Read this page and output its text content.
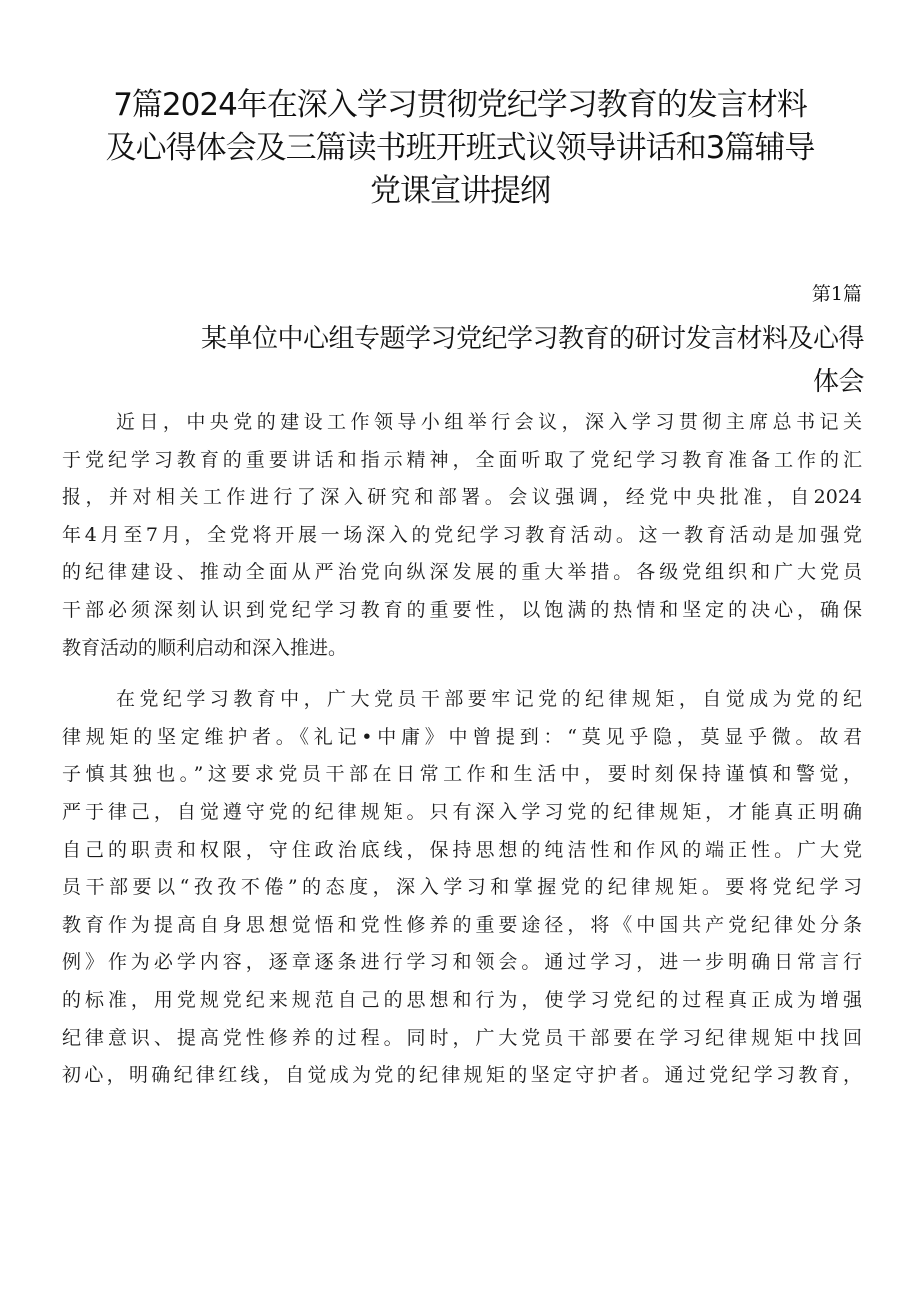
7篇2024年在深入学习贯彻党纪学习教育的发言材料
及心得体会及三篇读书班开班式议领导讲话和3篇辅导
党课宣讲提纲
第1篇
某单位中心组专题学习党纪学习教育的研讨发言材料及心得
体会

近日，中央党的建设工作领导小组举行会议，深入学习贯彻主席总书记关
于党纪学习教育的重要讲话和指示精神，全面听取了党纪学习教育准备工作的汇
报，并对相关工作进行了深入研究和部署。会议强调，经党中央批准，自2024
年4月至7月，全党将开展一场深入的党纪学习教育活动。这一教育活动是加强党
的纪律建设、推动全面从严治党向纵深发展的重大举措。各级党组织和广大党员
干部必须深刻认识到党纪学习教育的重要性，以饱满的热情和坚定的决心，确保
教育活动的顺利启动和深入推进。

在党纪学习教育中，广大党员干部要牢记党的纪律规矩，自觉成为党的纪
律规矩的坚定维护者。《礼记•中庸》中曾提到：“莫见乎隐，莫显乎微。故君
子慎其独也。”这要求党员干部在日常工作和生活中，要时刻保持谨慎和警觉，
严于律己，自觉遵守党的纪律规矩。只有深入学习党的纪律规矩，才能真正明确
自己的职责和权限，守住政治底线，保持思想的纯洁性和作风的端正性。广大党
员干部要以“孜孜不倦”的态度，深入学习和掌握党的纪律规矩。要将党纪学习
教育作为提高自身思想觉悟和党性修养的重要途径，将《中国共产党纪律处分条
例》作为必学内容，逐章逐条进行学习和领会。通过学习，进一步明确日常言行
的标准，用党规党纪来规范自己的思想和行为，使学习党纪的过程真正成为增强
纪律意识、提高党性修养的过程。同时，广大党员干部要在学习纪律规矩中找回
初心，明确纪律红线，自觉成为党的纪律规矩的坚定守护者。通过党纪学习教育，
